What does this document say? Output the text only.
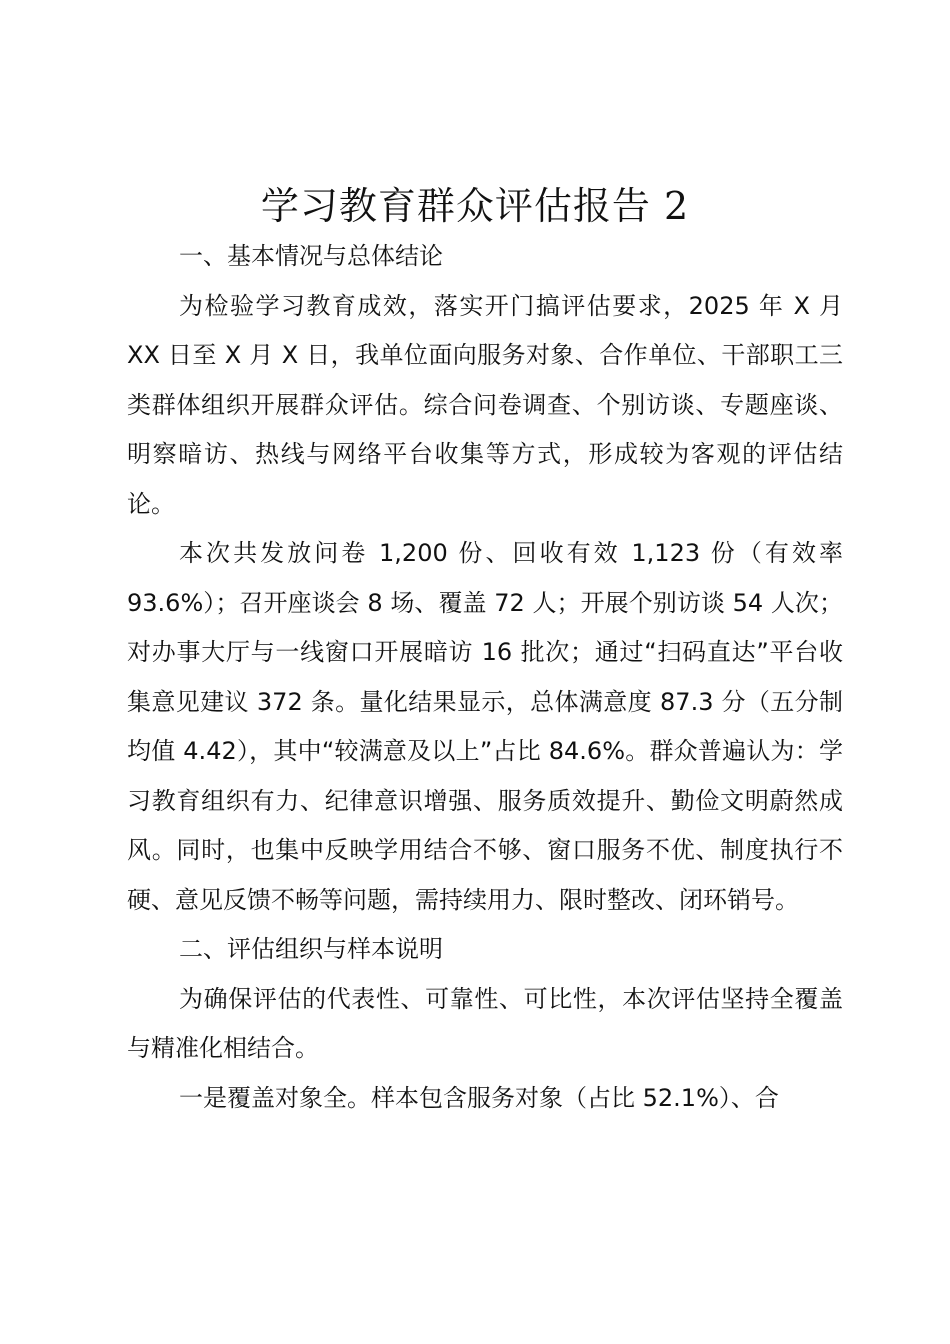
学习教育群众评估报告 2
一、基本情况与总体结论

为检验学习教育成效，落实开门搞评估要求，2025 年 X 月 XX 日至 X 月 X 日，我单位面向服务对象、合作单位、干部职工三类群体组织开展群众评估。综合问卷调查、个别访谈、专题座谈、明察暗访、热线与网络平台收集等方式，形成较为客观的评估结论。

本次共发放问卷 1,200 份、回收有效 1,123 份（有效率 93.6%）；召开座谈会 8 场、覆盖 72 人；开展个别访谈 54 人次；对办事大厅与一线窗口开展暗访 16 批次；通过“扫码直达”平台收集意见建议 372 条。量化结果显示，总体满意度 87.3 分（五分制均值 4.42），其中“较满意及以上”占比 84.6%。群众普遍认为：学习教育组织有力、纪律意识增强、服务质效提升、勤俭文明蔚然成风。同时，也集中反映学用结合不够、窗口服务不优、制度执行不硬、意见反馈不畅等问题，需持续用力、限时整改、闭环销号。

二、评估组织与样本说明

为确保评估的代表性、可靠性、可比性，本次评估坚持全覆盖与精准化相结合。

一是覆盖对象全。样本包含服务对象（占比 52.1%）、合
